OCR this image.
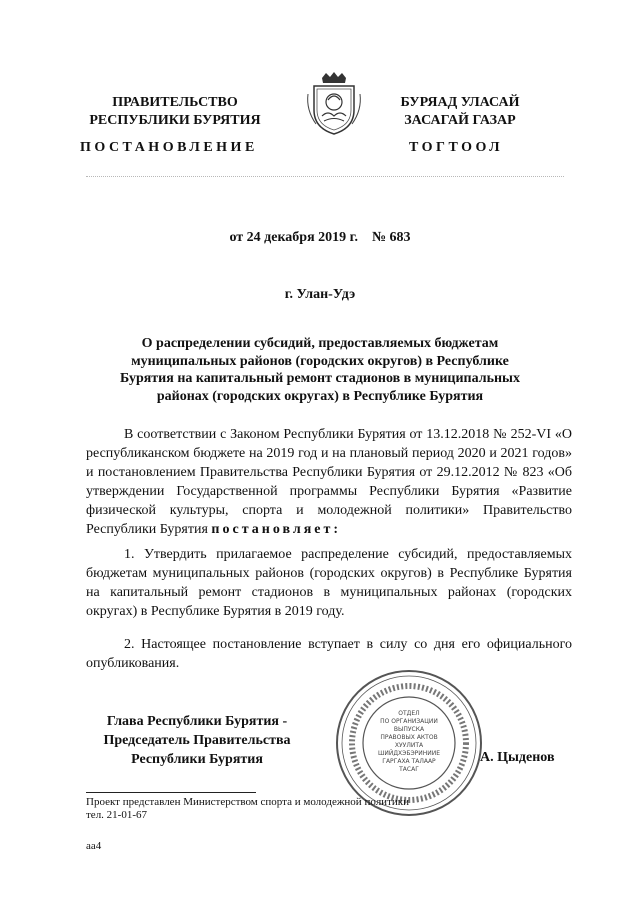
ПРАВИТЕЛЬСТВО
РЕСПУБЛИКИ БУРЯТИЯ
БУРЯАД УЛАСАЙ
ЗАСАГАЙ ГАЗАР
ПОСТАНОВЛЕНИЕ	ТОГТООЛ
от 24 декабря 2019 г. № 683
г. Улан-Удэ
О распределении субсидий, предоставляемых бюджетам муниципальных районов (городских округов) в Республике Бурятия на капитальный ремонт стадионов в муниципальных районах (городских округах) в Республике Бурятия
В соответствии с Законом Республики Бурятия от 13.12.2018 № 252-VI «О республиканском бюджете на 2019 год и на плановый период 2020 и 2021 годов» и постановлением Правительства Республики Бурятия от 29.12.2012 № 823 «Об утверждении Государственной программы Республики Бурятия «Развитие физической культуры, спорта и молодежной политики» Правительство Республики Бурятия постановляет:
1. Утвердить прилагаемое распределение субсидий, предоставляемых бюджетам муниципальных районов (городских округов) в Республике Бурятия на капитальный ремонт стадионов в муниципальных районах (городских округах) в Республике Бурятия в 2019 году.
2. Настоящее постановление вступает в силу со дня его официального опубликования.
ОТДЕЛ
ПО ОРГАНИЗАЦИИ
ВЫПУСКА
ПРАВОВЫХ АКТОВ
ХУУЛИТА
ШИЙДХЭБЭРИНИИЕ
ГАРГАХА ТАЛААР
ТАСАГ
Глава Республики Бурятия -
Председатель Правительства
Республики Бурятия	А. Цыденов
Проект представлен Министерством спорта и молодежной политики
тел. 21-01-67
аа4
